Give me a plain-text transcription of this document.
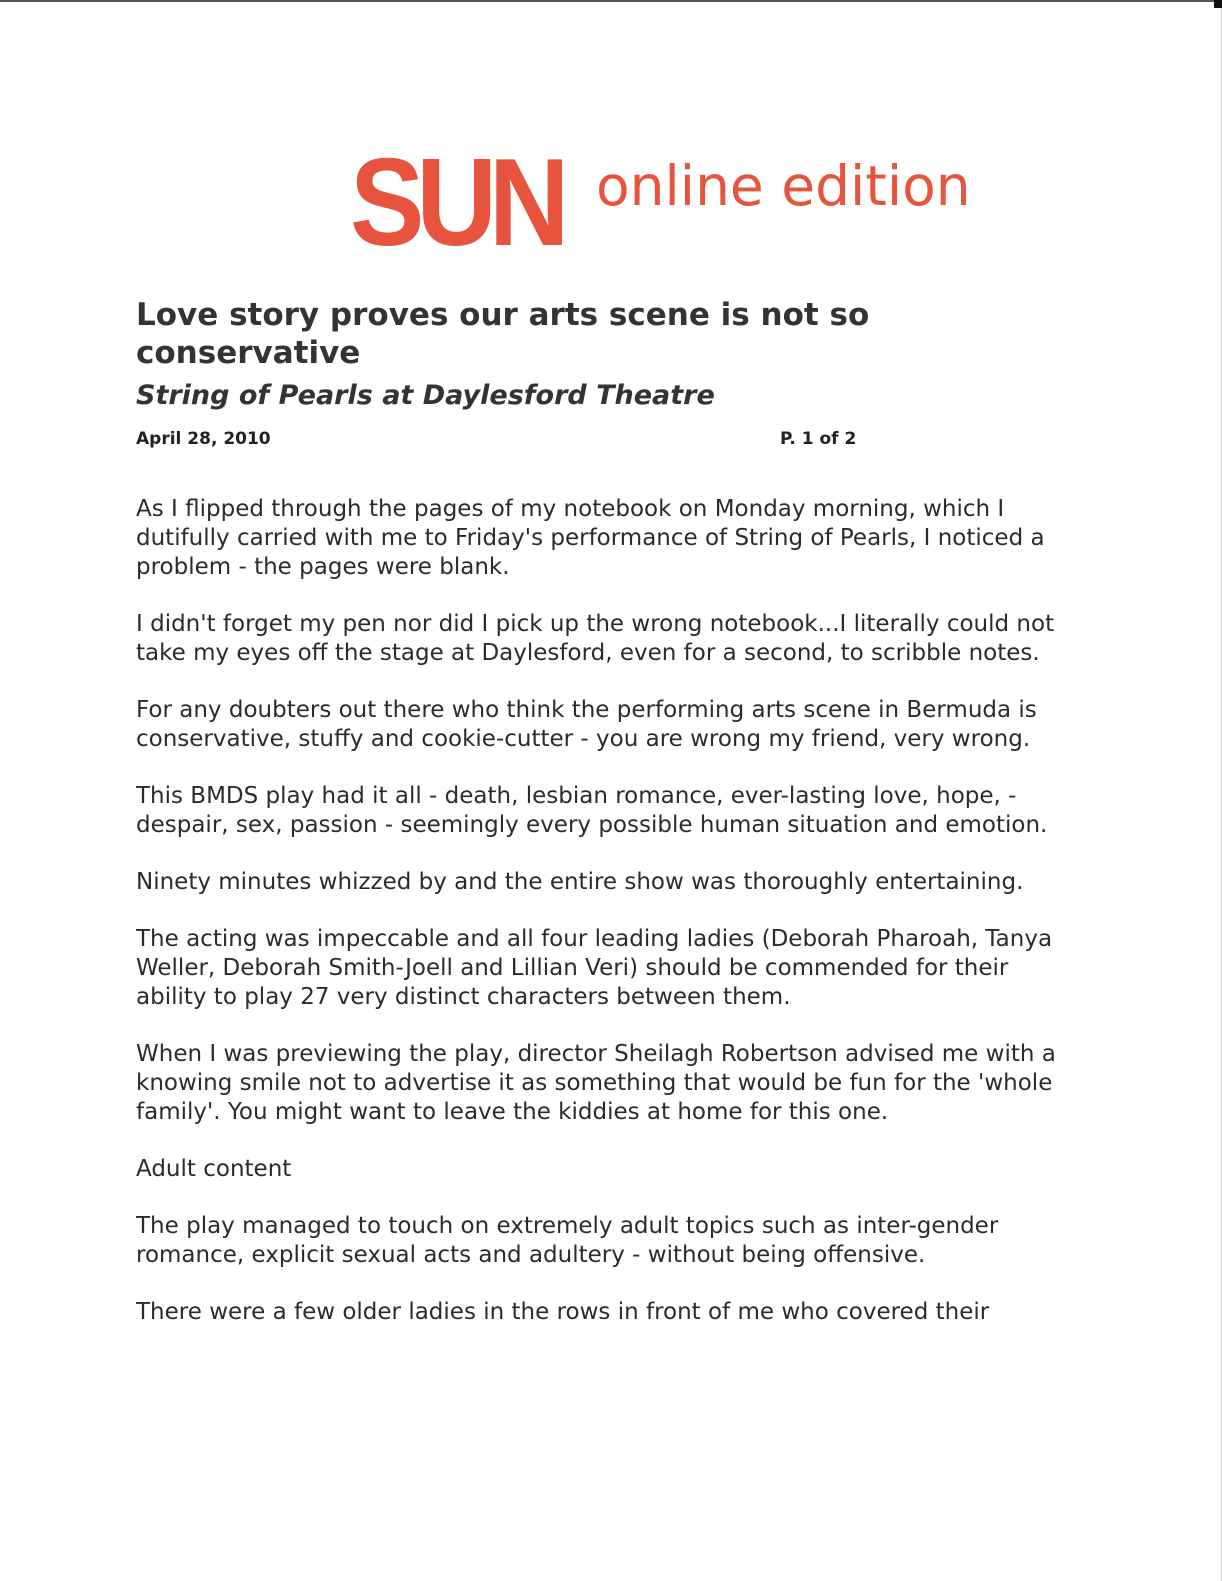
SUN online edition
Love story proves our arts scene is not so conservative
String of Pearls at Daylesford Theatre
April 28, 2010	P. 1 of 2

As I flipped through the pages of my notebook on Monday morning, which I dutifully carried with me to Friday's performance of String of Pearls, I noticed a problem - the pages were blank.

I didn't forget my pen nor did I pick up the wrong notebook...I literally could not take my eyes off the stage at Daylesford, even for a second, to scribble notes.

For any doubters out there who think the performing arts scene in Bermuda is conservative, stuffy and cookie-cutter - you are wrong my friend, very wrong.

This BMDS play had it all - death, lesbian romance, ever-lasting love, hope, - despair, sex, passion - seemingly every possible human situation and emotion.

Ninety minutes whizzed by and the entire show was thoroughly entertaining.

The acting was impeccable and all four leading ladies (Deborah Pharoah, Tanya Weller, Deborah Smith-Joell and Lillian Veri) should be commended for their ability to play 27 very distinct characters between them.

When I was previewing the play, director Sheilagh Robertson advised me with a knowing smile not to advertise it as something that would be fun for the 'whole family'. You might want to leave the kiddies at home for this one.

Adult content

The play managed to touch on extremely adult topics such as inter-gender romance, explicit sexual acts and adultery - without being offensive.

There were a few older ladies in the rows in front of me who covered their
